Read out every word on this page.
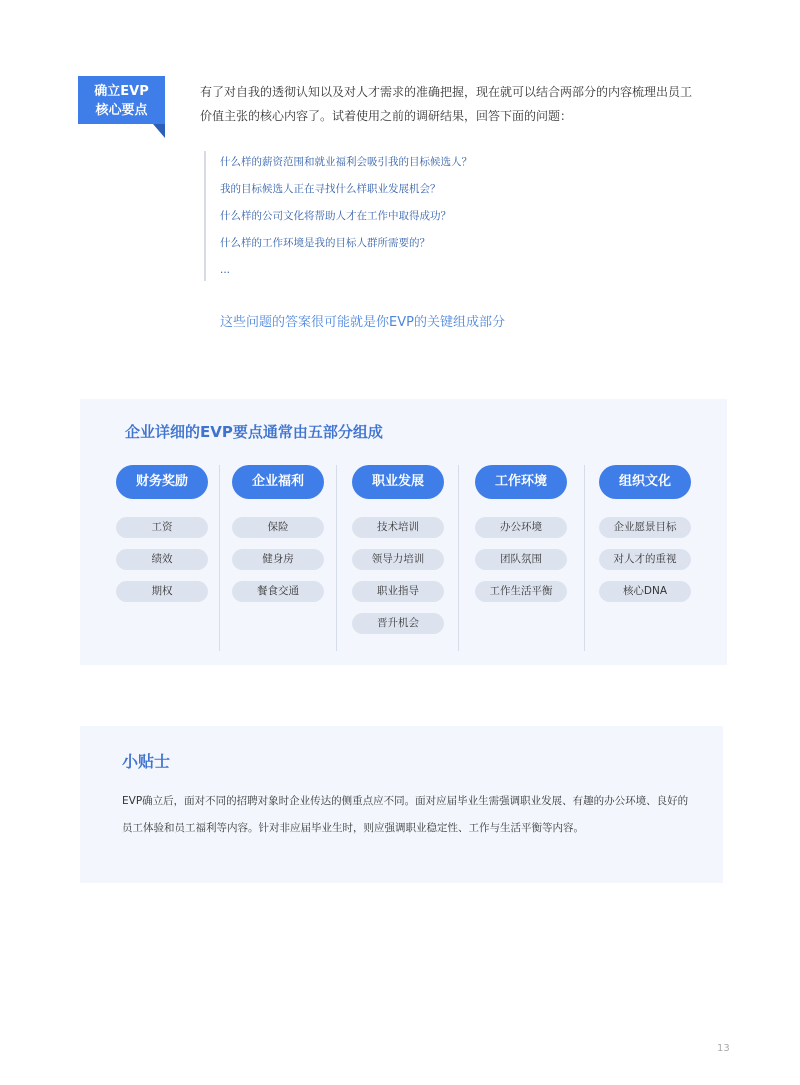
确立EVP
核心要点
有了对自我的透彻认知以及对人才需求的准确把握，现在就可以结合两部分的内容梳理出员工
价值主张的核心内容了。试着使用之前的调研结果，回答下面的问题：
什么样的薪资范围和就业福利会吸引我的目标候选人？
我的目标候选人正在寻找什么样职业发展机会？
什么样的公司文化将帮助人才在工作中取得成功？
什么样的工作环境是我的目标人群所需要的？
...
这些问题的答案很可能就是你EVP的关键组成部分
企业详细的EVP要点通常由五部分组成
财务奖励
工资
绩效
期权
企业福利
保险
健身房
餐食交通
职业发展
技术培训
领导力培训
职业指导
晋升机会
工作环境
办公环境
团队氛围
工作生活平衡
组织文化
企业愿景目标
对人才的重视
核心DNA
小贴士
EVP确立后，面对不同的招聘对象时企业传达的侧重点应不同。面对应届毕业生需强调职业发展、有趣的办公环境、良好的
员工体验和员工福利等内容。针对非应届毕业生时，则应强调职业稳定性、工作与生活平衡等内容。
13
